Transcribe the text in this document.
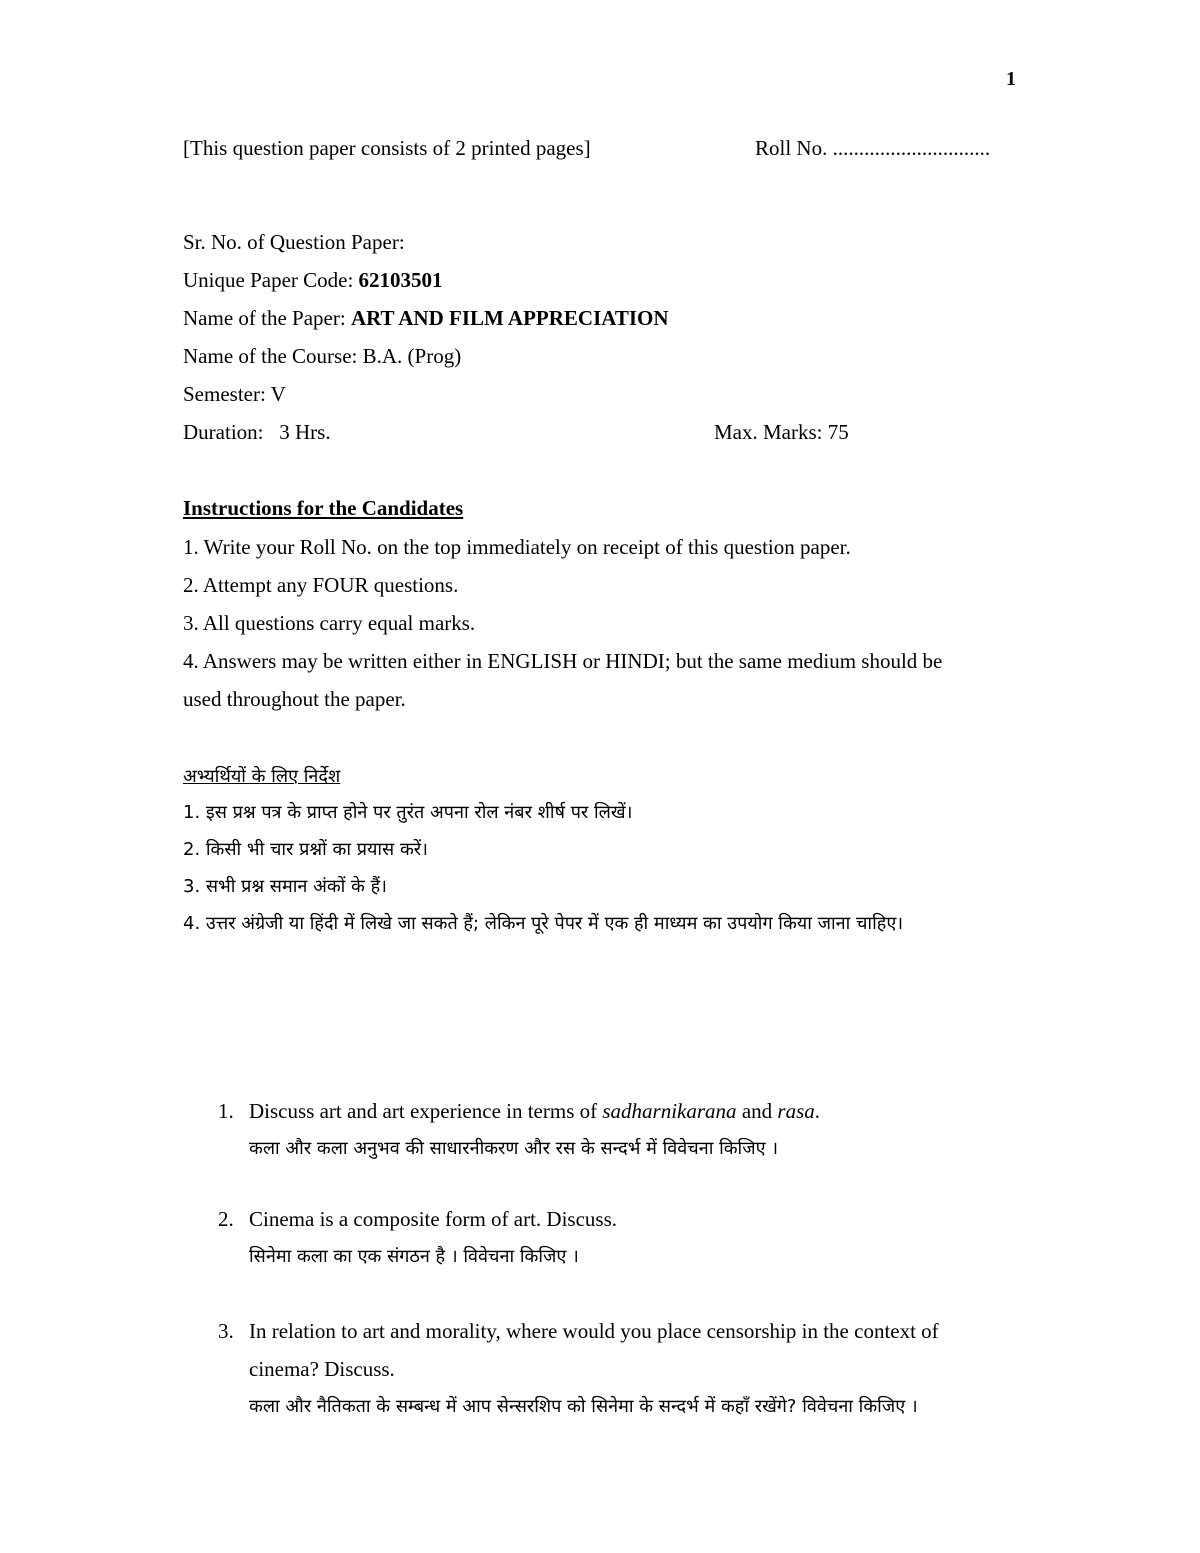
1
[This question paper consists of 2 printed pages]	Roll No. ..............................
Sr. No. of Question Paper:
Unique Paper Code: 62103501
Name of the Paper: ART AND FILM APPRECIATION
Name of the Course: B.A. (Prog)
Semester: V
Duration:   3 Hrs.	Max. Marks: 75
Instructions for the Candidates
1. Write your Roll No. on the top immediately on receipt of this question paper.
2. Attempt any FOUR questions.
3. All questions carry equal marks.
4. Answers may be written either in ENGLISH or HINDI; but the same medium should be
used throughout the paper.
अभ्यर्थियों के लिए निर्देश
1. इस प्रश्न पत्र के प्राप्त होने पर तुरंत अपना रोल नंबर शीर्ष पर लिखें।
2. किसी भी चार प्रश्नों का प्रयास करें।
3. सभी प्रश्न समान अंकों के हैं।
4. उत्तर अंग्रेजी या हिंदी में लिखे जा सकते हैं; लेकिन पूरे पेपर में एक ही माध्यम का उपयोग किया जाना चाहिए।
1. Discuss art and art experience in terms of sadharnikarana and rasa.
कला और कला अनुभव की साधारनीकरण और रस के सन्दर्भ में विवेचना किजिए ।
2. Cinema is a composite form of art. Discuss.
सिनेमा कला का एक संगठन है । विवेचना किजिए ।
3. In relation to art and morality, where would you place censorship in the context of
cinema? Discuss.
कला और नैतिकता के सम्बन्ध में आप सेन्सरशिप को सिनेमा के सन्दर्भ में कहाँ रखेंगे? विवेचना किजिए ।
